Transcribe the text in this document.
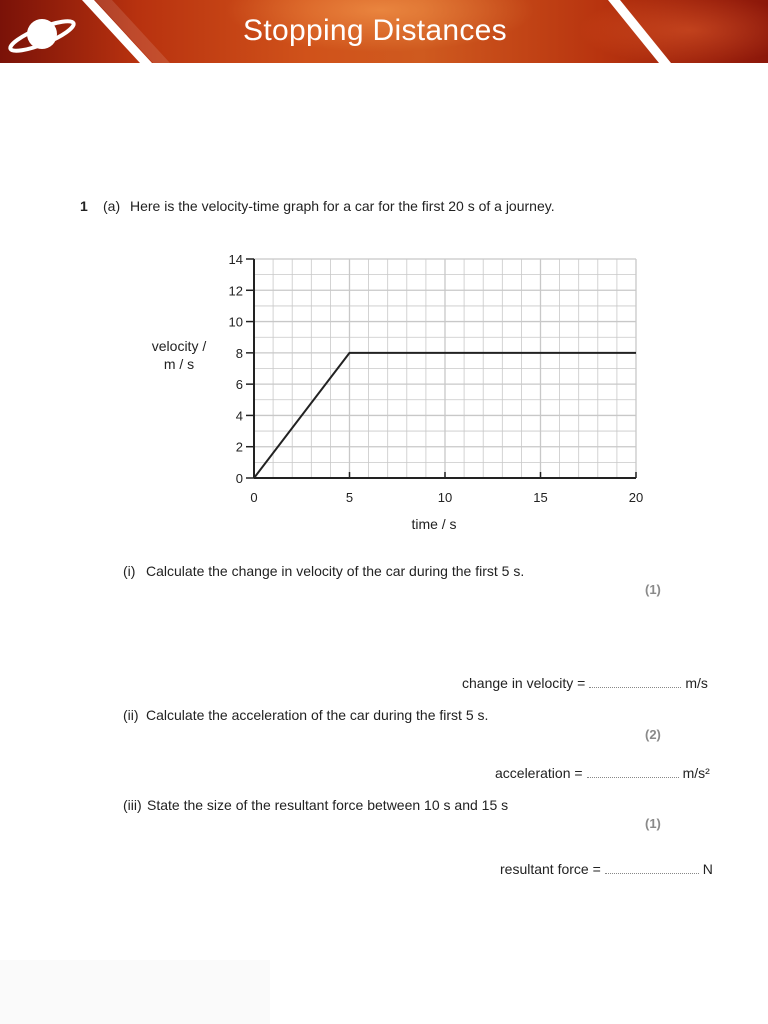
Stopping Distances
1 (a) Here is the velocity-time graph for a car for the first 20 s of a journey.
velocity /
m / s
0
2
4
6
8
10
12
14
0	5	10	15	20
time / s
(i) Calculate the change in velocity of the car during the first 5 s.
(1)
change in velocity =	m/s
(ii) Calculate the acceleration of the car during the first 5 s.
(2)
acceleration =	m/s²
(iii) State the size of the resultant force between 10 s and 15 s
(1)
resultant force =	N
